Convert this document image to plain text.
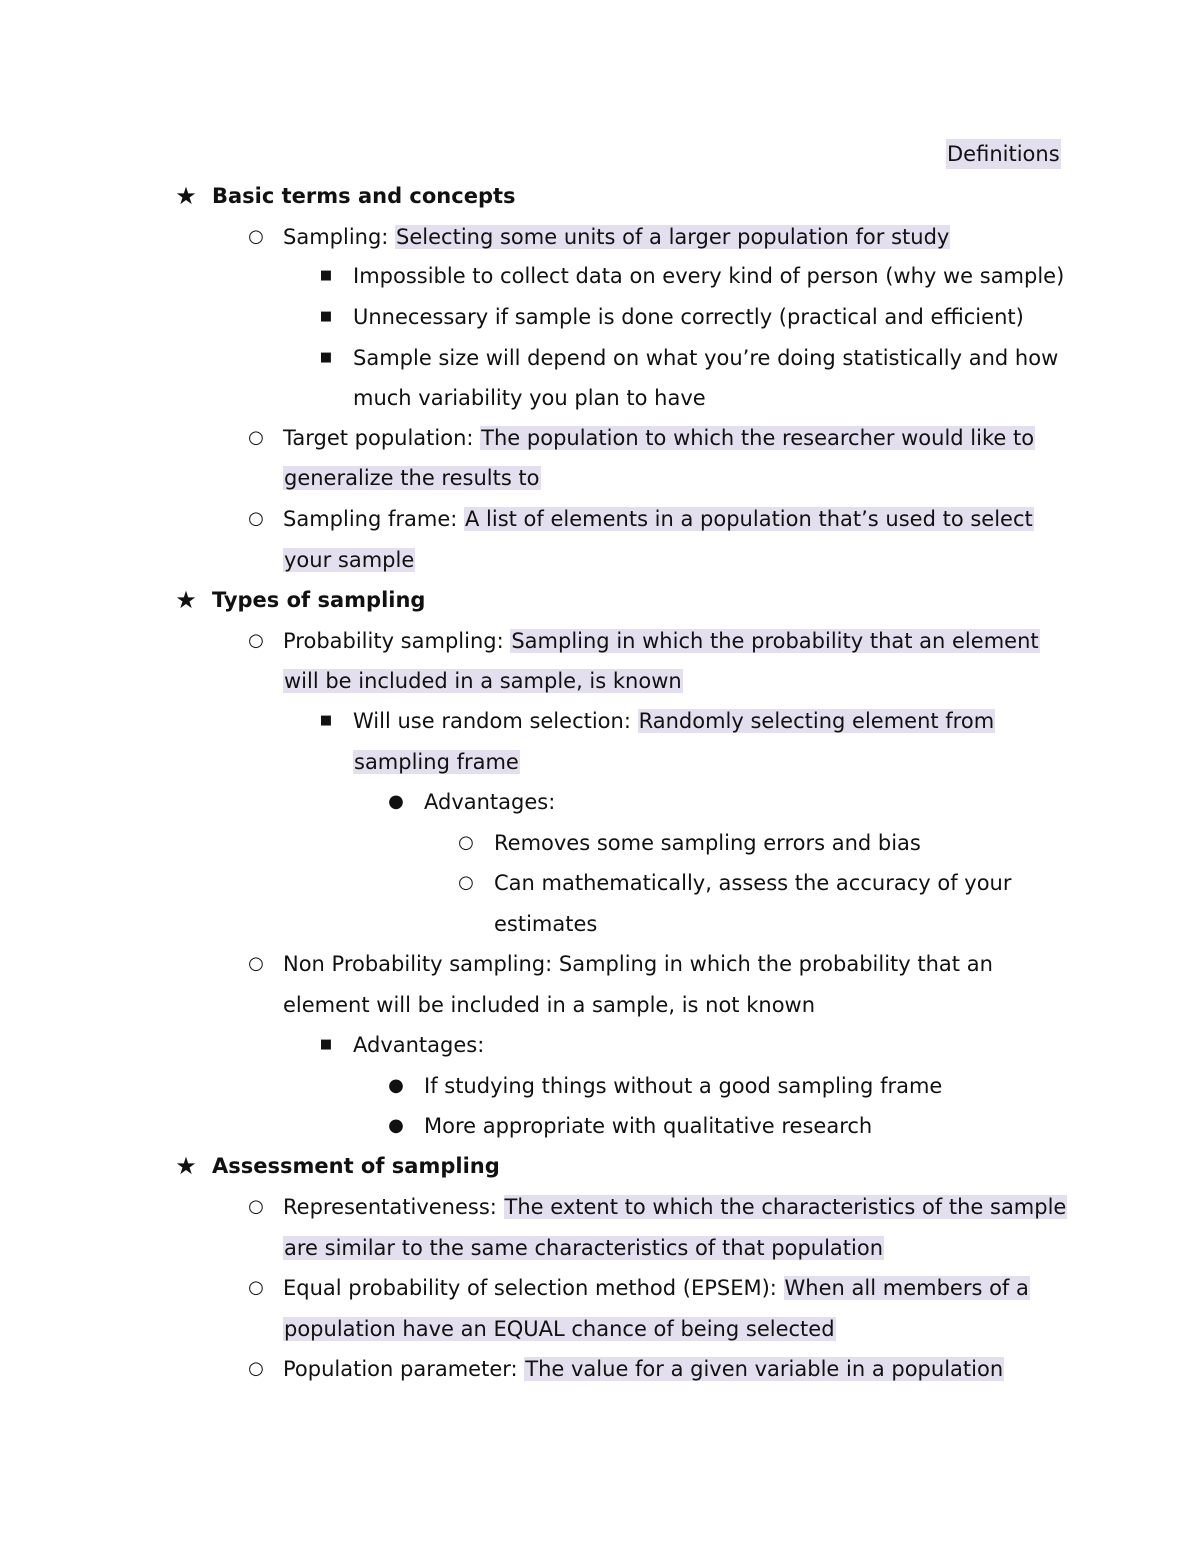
Definitions
★ Basic terms and concepts
○ Sampling: Selecting some units of a larger population for study
■ Impossible to collect data on every kind of person (why we sample)
■ Unnecessary if sample is done correctly (practical and efficient)
■ Sample size will depend on what you’re doing statistically and how
much variability you plan to have
○ Target population: The population to which the researcher would like to
generalize the results to
○ Sampling frame: A list of elements in a population that’s used to select
your sample
★ Types of sampling
○ Probability sampling: Sampling in which the probability that an element
will be included in a sample, is known
■ Will use random selection: Randomly selecting element from
sampling frame
● Advantages:
○ Removes some sampling errors and bias
○ Can mathematically, assess the accuracy of your
estimates
○ Non Probability sampling: Sampling in which the probability that an
element will be included in a sample, is not known
■ Advantages:
● If studying things without a good sampling frame
● More appropriate with qualitative research
★ Assessment of sampling
○ Representativeness: The extent to which the characteristics of the sample
are similar to the same characteristics of that population
○ Equal probability of selection method (EPSEM): When all members of a
population have an EQUAL chance of being selected
○ Population parameter: The value for a given variable in a population
